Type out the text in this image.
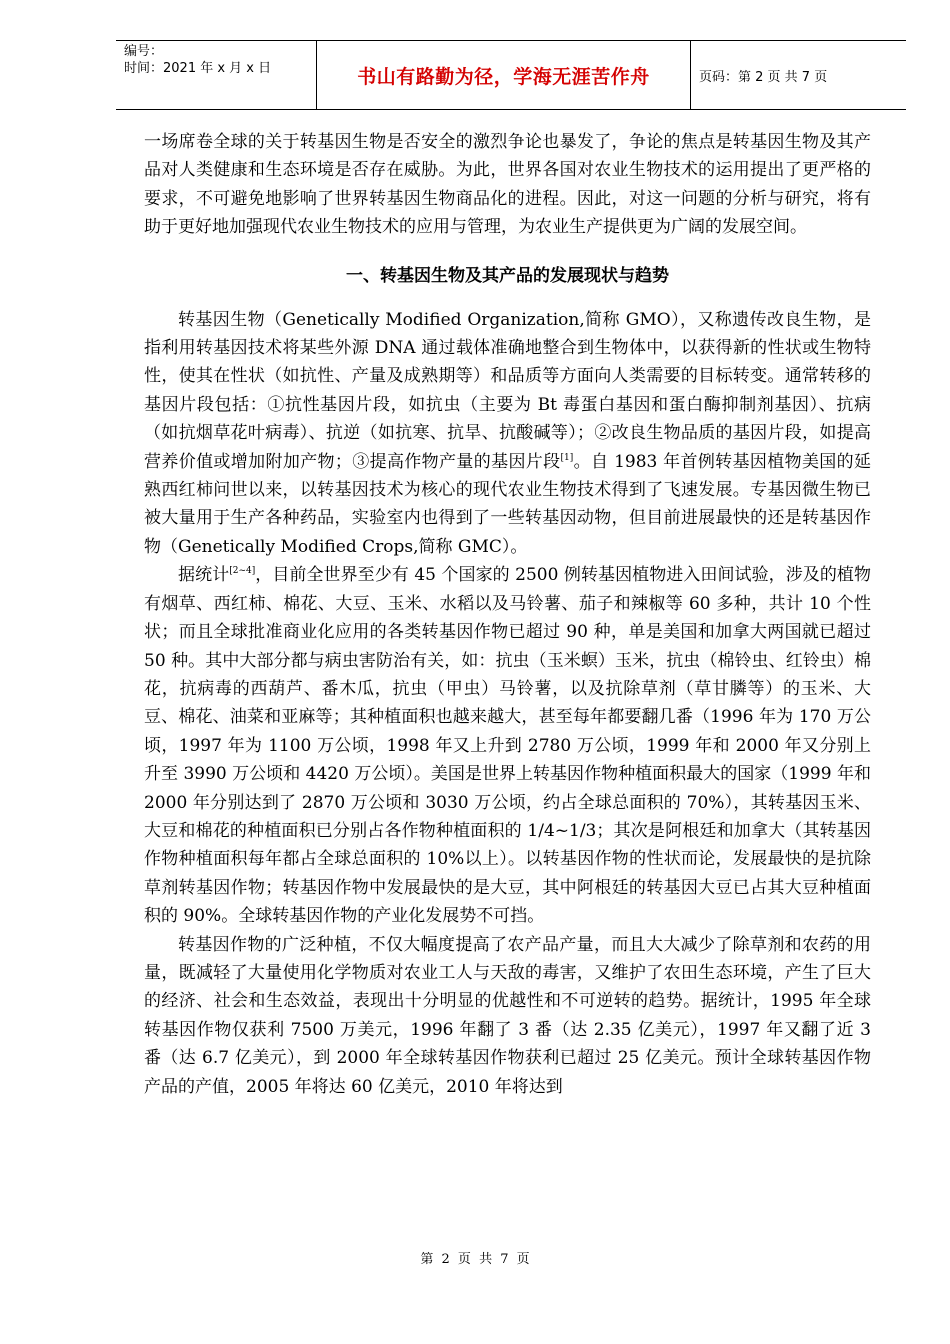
编号：
时间：2021 年 x 月 x 日	书山有路勤为径，学海无涯苦作舟	页码：第 2 页 共 7 页

一场席卷全球的关于转基因生物是否安全的激烈争论也暴发了，争论的焦点是转基因生物及其产品对人类健康和生态环境是否存在威胁。为此，世界各国对农业生物技术的运用提出了更严格的要求，不可避免地影响了世界转基因生物商品化的进程。因此，对这一问题的分析与研究，将有助于更好地加强现代农业生物技术的应用与管理，为农业生产提供更为广阔的发展空间。

一、转基因生物及其产品的发展现状与趋势

转基因生物（Genetically Modified Organization,简称 GMO），又称遗传改良生物，是指利用转基因技术将某些外源 DNA 通过载体准确地整合到生物体中，以获得新的性状或生物特性，使其在性状（如抗性、产量及成熟期等）和品质等方面向人类需要的目标转变。通常转移的基因片段包括：①抗性基因片段，如抗虫（主要为 Bt 毒蛋白基因和蛋白酶抑制剂基因）、抗病（如抗烟草花叶病毒）、抗逆（如抗寒、抗旱、抗酸碱等）；②改良生物品质的基因片段，如提高营养价值或增加附加产物；③提高作物产量的基因片段[1]。自 1983 年首例转基因植物美国的延熟西红柿问世以来，以转基因技术为核心的现代农业生物技术得到了飞速发展。专基因微生物已被大量用于生产各种药品，实验室内也得到了一些转基因动物，但目前进展最快的还是转基因作物（Genetically Modified Crops,简称 GMC）。

据统计[2~4]，目前全世界至少有 45 个国家的 2500 例转基因植物进入田间试验，涉及的植物有烟草、西红柿、棉花、大豆、玉米、水稻以及马铃薯、茄子和辣椒等 60 多种，共计 10 个性状；而且全球批准商业化应用的各类转基因作物已超过 90 种，单是美国和加拿大两国就已超过 50 种。其中大部分都与病虫害防治有关，如：抗虫（玉米螟）玉米，抗虫（棉铃虫、红铃虫）棉花，抗病毒的西葫芦、番木瓜，抗虫（甲虫）马铃薯，以及抗除草剂（草甘膦等）的玉米、大豆、棉花、油菜和亚麻等；其种植面积也越来越大，甚至每年都要翻几番（1996 年为 170 万公顷，1997 年为 1100 万公顷，1998 年又上升到 2780 万公顷，1999 年和 2000 年又分别上升至 3990 万公顷和 4420 万公顷）。美国是世界上转基因作物种植面积最大的国家（1999 年和 2000 年分别达到了 2870 万公顷和 3030 万公顷，约占全球总面积的 70%），其转基因玉米、大豆和棉花的种植面积已分别占各作物种植面积的 1/4~1/3；其次是阿根廷和加拿大（其转基因作物种植面积每年都占全球总面积的 10%以上）。以转基因作物的性状而论，发展最快的是抗除草剂转基因作物；转基因作物中发展最快的是大豆，其中阿根廷的转基因大豆已占其大豆种植面积的 90%。全球转基因作物的产业化发展势不可挡。

转基因作物的广泛种植，不仅大幅度提高了农产品产量，而且大大减少了除草剂和农药的用量，既减轻了大量使用化学物质对农业工人与天敌的毒害，又维护了农田生态环境，产生了巨大的经济、社会和生态效益，表现出十分明显的优越性和不可逆转的趋势。据统计，1995 年全球转基因作物仅获利 7500 万美元，1996 年翻了 3 番（达 2.35 亿美元），1997 年又翻了近 3 番（达 6.7 亿美元），到 2000 年全球转基因作物获利已超过 25 亿美元。预计全球转基因作物产品的产值，2005 年将达 60 亿美元，2010 年将达到

第 2 页 共 7 页
